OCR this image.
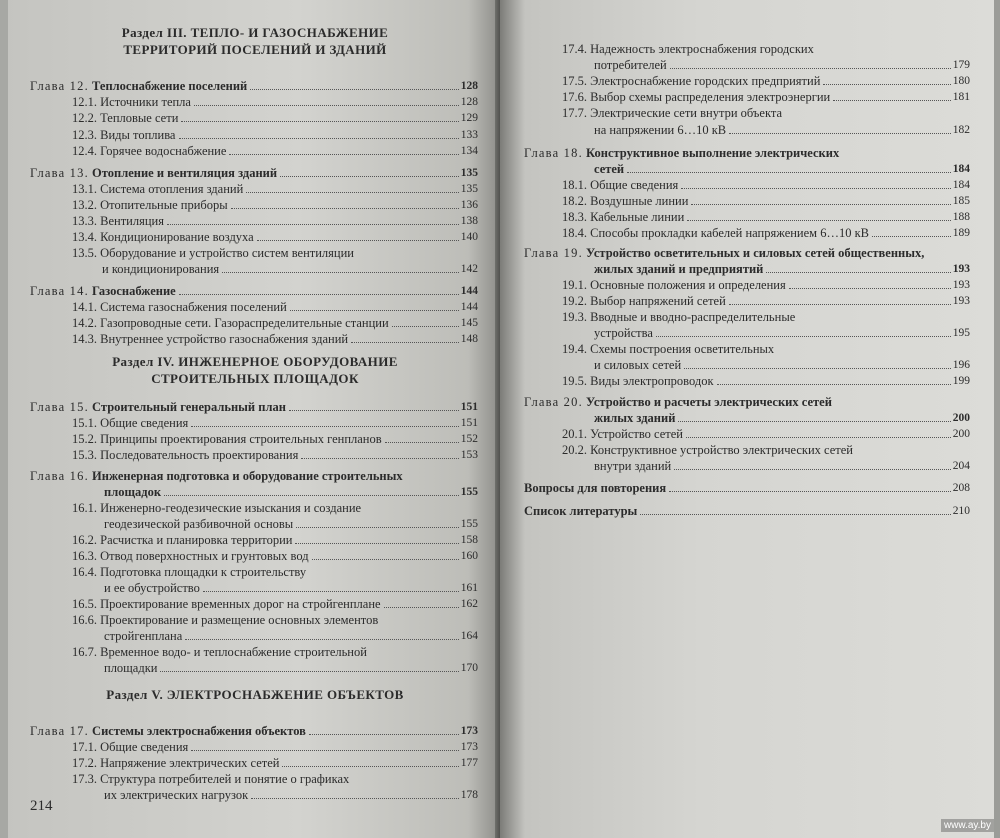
Раздел III. ТЕПЛО- И ГАЗОСНАБЖЕНИЕ
ТЕРРИТОРИЙ ПОСЕЛЕНИЙ И ЗДАНИЙ
Глава 12. Теплоснабжение поселений	128
12.1. Источники тепла	128
12.2. Тепловые сети	129
12.3. Виды топлива	133
12.4. Горячее водоснабжение	134
Глава 13. Отопление и вентиляция зданий	135
13.1. Система отопления зданий	135
13.2. Отопительные приборы	136
13.3. Вентиляция	138
13.4. Кондиционирование воздуха	140
13.5. Оборудование и устройство систем вентиляции
и кондиционирования	142
Глава 14. Газоснабжение	144
14.1. Система газоснабжения поселений	144
14.2. Газопроводные сети. Газораспределительные станции	145
14.3. Внутреннее устройство газоснабжения зданий	148
Раздел IV. ИНЖЕНЕРНОЕ ОБОРУДОВАНИЕ
СТРОИТЕЛЬНЫХ ПЛОЩАДОК
Глава 15. Строительный генеральный план	151
15.1. Общие сведения	151
15.2. Принципы проектирования строительных генпланов	152
15.3. Последовательность проектирования	153
Глава 16. Инженерная подготовка и оборудование строительных
площадок	155
16.1. Инженерно-геодезические изыскания и создание
геодезической разбивочной основы	155
16.2. Расчистка и планировка территории	158
16.3. Отвод поверхностных и грунтовых вод	160
16.4. Подготовка площадки к строительству
и ее обустройство	161
16.5. Проектирование временных дорог на стройгенплане	162
16.6. Проектирование и размещение основных элементов
стройгенплана	164
16.7. Временное водо- и теплоснабжение строительной
площадки	170
Раздел V. ЭЛЕКТРОСНАБЖЕНИЕ ОБЪЕКТОВ
Глава 17. Системы электроснабжения объектов	173
17.1. Общие сведения	173
17.2. Напряжение электрических сетей	177
17.3. Структура потребителей и понятие о графиках
их электрических нагрузок	178
214
17.4. Надежность электроснабжения городских
потребителей	179
17.5. Электроснабжение городских предприятий	180
17.6. Выбор схемы распределения электроэнергии	181
17.7. Электрические сети внутри объекта
на напряжении 6…10 кВ	182
Глава 18. Конструктивное выполнение электрических
сетей	184
18.1. Общие сведения	184
18.2. Воздушные линии	185
18.3. Кабельные линии	188
18.4. Способы прокладки кабелей напряжением 6…10 кВ	189
Глава 19. Устройство осветительных и силовых сетей общественных,
жилых зданий и предприятий	193
19.1. Основные положения и определения	193
19.2. Выбор напряжений сетей	193
19.3. Вводные и вводно-распределительные
устройства	195
19.4. Схемы построения осветительных
и силовых сетей	196
19.5. Виды электропроводок	199
Глава 20. Устройство и расчеты электрических сетей
жилых зданий	200
20.1. Устройство сетей	200
20.2. Конструктивное устройство электрических сетей
внутри зданий	204
Вопросы для повторения	208
Список литературы	210
www.ay.by
